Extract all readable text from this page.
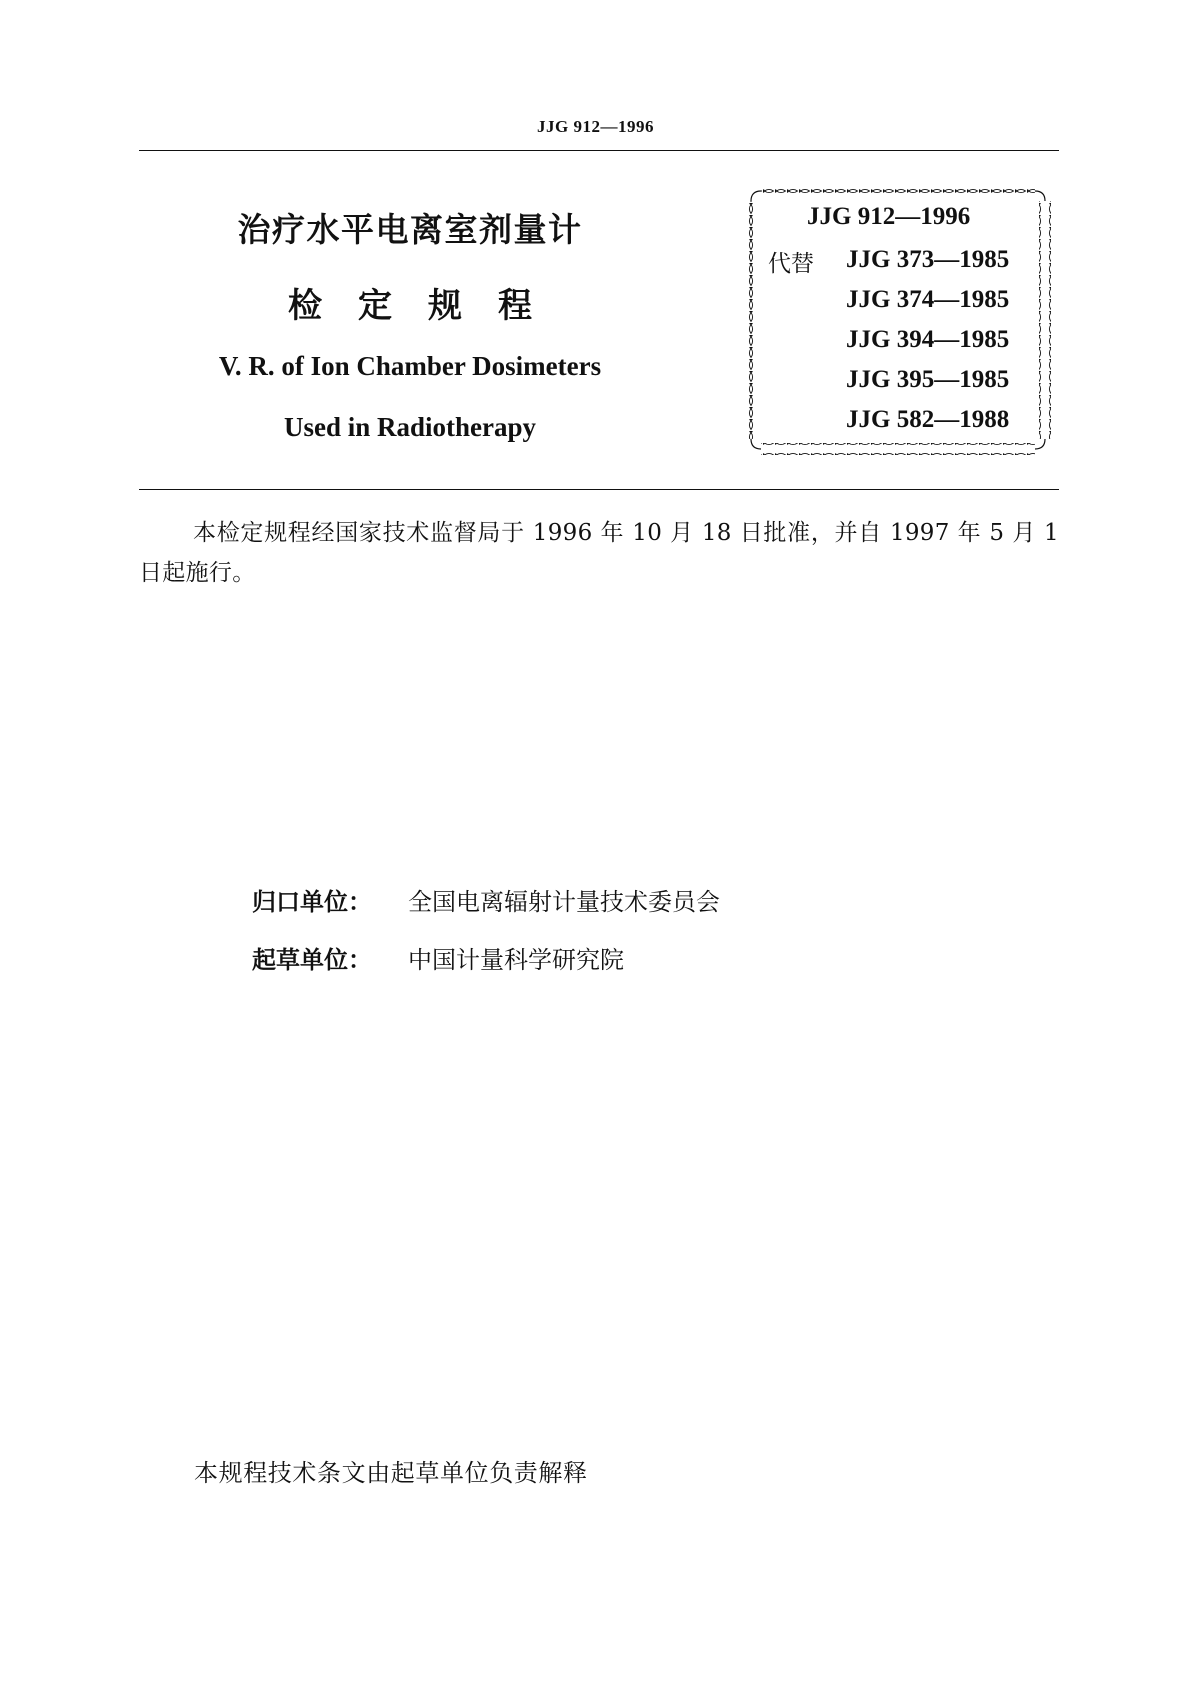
JJG 912—1996
治疗水平电离室剂量计
检定规程
V. R. of Ion Chamber Dosimeters
Used in Radiotherapy
JJG 912—1996
代替 JJG 373—1985
JJG 374—1985
JJG 394—1985
JJG 395—1985
JJG 582—1988

本检定规程经国家技术监督局于 1996 年 10 月 18 日批准，并自 1997 年 5 月 1日起施行。

归口单位： 全国电离辐射计量技术委员会
起草单位： 中国计量科学研究院
本规程技术条文由起草单位负责解释
